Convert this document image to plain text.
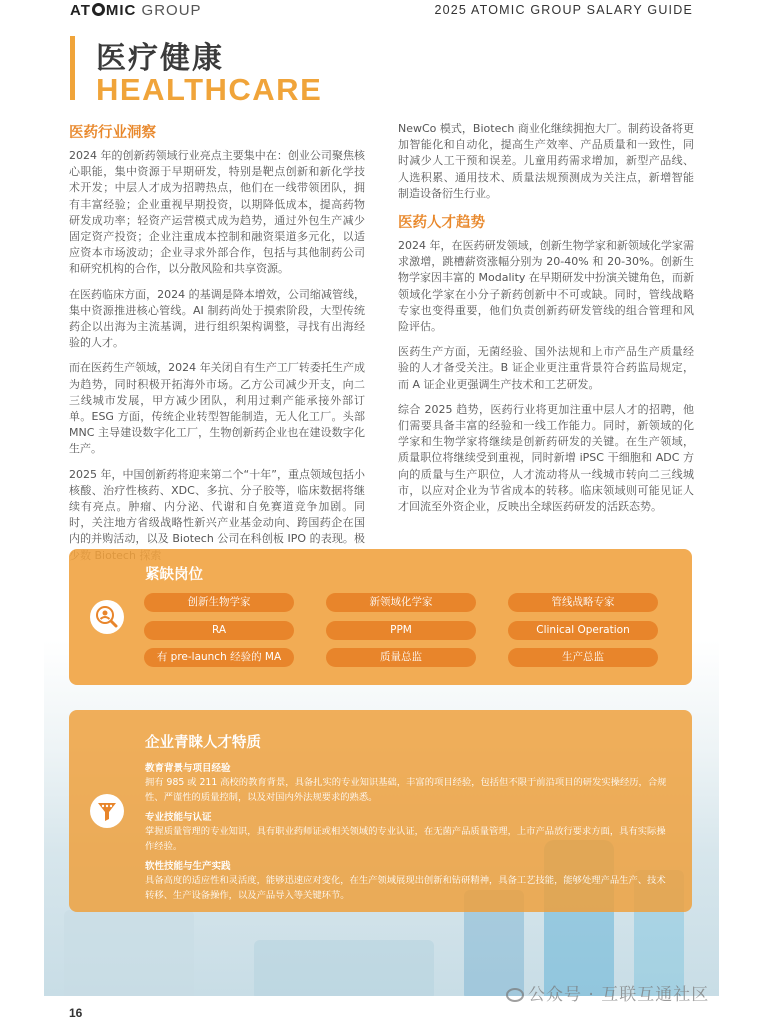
AT MIC GROUP	2025 ATOMIC GROUP SALARY GUIDE
医疗健康
HEALTHCARE
医药行业洞察

2024 年的创新药领域行业亮点主要集中在：创业公司聚焦核心职能，集中资源于早期研发，特别是靶点创新和新化学技术开发；中层人才成为招聘热点，他们在一线带领团队，拥有丰富经验；企业重视早期投资，以期降低成本，提高药物研发成功率；轻资产运营模式成为趋势，通过外包生产减少固定资产投资；企业注重成本控制和融资渠道多元化，以适应资本市场波动；企业寻求外部合作，包括与其他制药公司和研究机构的合作，以分散风险和共享资源。

在医药临床方面，2024 的基调是降本增效，公司缩减管线，集中资源推进核心管线。AI 制药尚处于摸索阶段，大型传统药企以出海为主流基调，进行组织架构调整，寻找有出海经验的人才。

而在医药生产领域，2024 年关闭自有生产工厂转委托生产成为趋势，同时积极开拓海外市场。乙方公司减少开支，向二三线城市发展，甲方减少团队，利用过剩产能承接外部订单。ESG 方面，传统企业转型智能制造，无人化工厂。头部 MNC 主导建设数字化工厂，生物创新药企业也在建设数字化生产。

2025 年，中国创新药将迎来第二个“十年”，重点领域包括小核酸、治疗性核药、XDC、多抗、分子胶等，临床数据将继续有亮点。肿瘤、内分泌、代谢和自免赛道竞争加剧。同时，关注地方省级战略性新兴产业基金动向、跨国药企在国内的并购活动，以及 Biotech 公司在科创板 IPO 的表现。极

NewCo 模式，Biotech 商业化继续拥抱大厂。制药设备将更加智能化和自动化，提高生产效率、产品质量和一致性，同时减少人工干预和误差。儿童用药需求增加，新型产品线、人选积累、通用技术、质量法规预测成为关注点，新增智能制造设备衍生行业。

医药人才趋势

2024 年，在医药研发领域，创新生物学家和新领域化学家需求激增，跳槽薪资涨幅分别为 20-40% 和 20-30%。创新生物学家因丰富的 Modality 在早期研发中扮演关键角色，而新领域化学家在小分子新药创新中不可或缺。同时，管线战略专家也变得重要，他们负责创新药研发管线的组合管理和风险评估。

医药生产方面，无菌经验、国外法规和上市产品生产质量经验的人才备受关注。B 证企业更注重背景符合药监局规定，而 A 证企业更强调生产技术和工艺研发。

综合 2025 趋势，医药行业将更加注重中层人才的招聘，他们需要具备丰富的经验和一线工作能力。同时，新领域的化学家和生物学家将继续是创新药研发的关键。在生产领域，质量职位将继续受到重视，同时新增 iPSC 干细胞和 ADC 方向的质量与生产职位，人才流动将从一线城市转向二三线城市，以应对企业为节省成本的转移。临床领域则可能见证人才回流至外资企业，反映出全球医药研发的活跃态势。

紧缺岗位
创新生物学家	新领域化学家	管线战略专家
RA	PPM	Clinical Operation
有 pre-launch 经验的 MA	质量总监	生产总监
企业青睐人才特质
教育背景与项目经验
拥有 985 或 211 高校的教育背景，具备扎实的专业知识基础，丰富的项目经验，包括但不限于前沿项目的研发实操经历，合规性、严谨性的质量控制，以及对国内外法规要求的熟悉。
专业技能与认证
掌握质量管理的专业知识，具有职业药师证或相关领域的专业认证，在无菌产品质量管理，上市产品放行要求方面，具有实际操作经验。
软性技能与生产实践
具备高度的适应性和灵活度，能够迅速应对变化，在生产领域展现出创新和钻研精神，具备工艺技能，能够处理产品生产、技术转移、生产设备操作，以及产品导入等关键环节。
16
公众号 · 互联互通社区
